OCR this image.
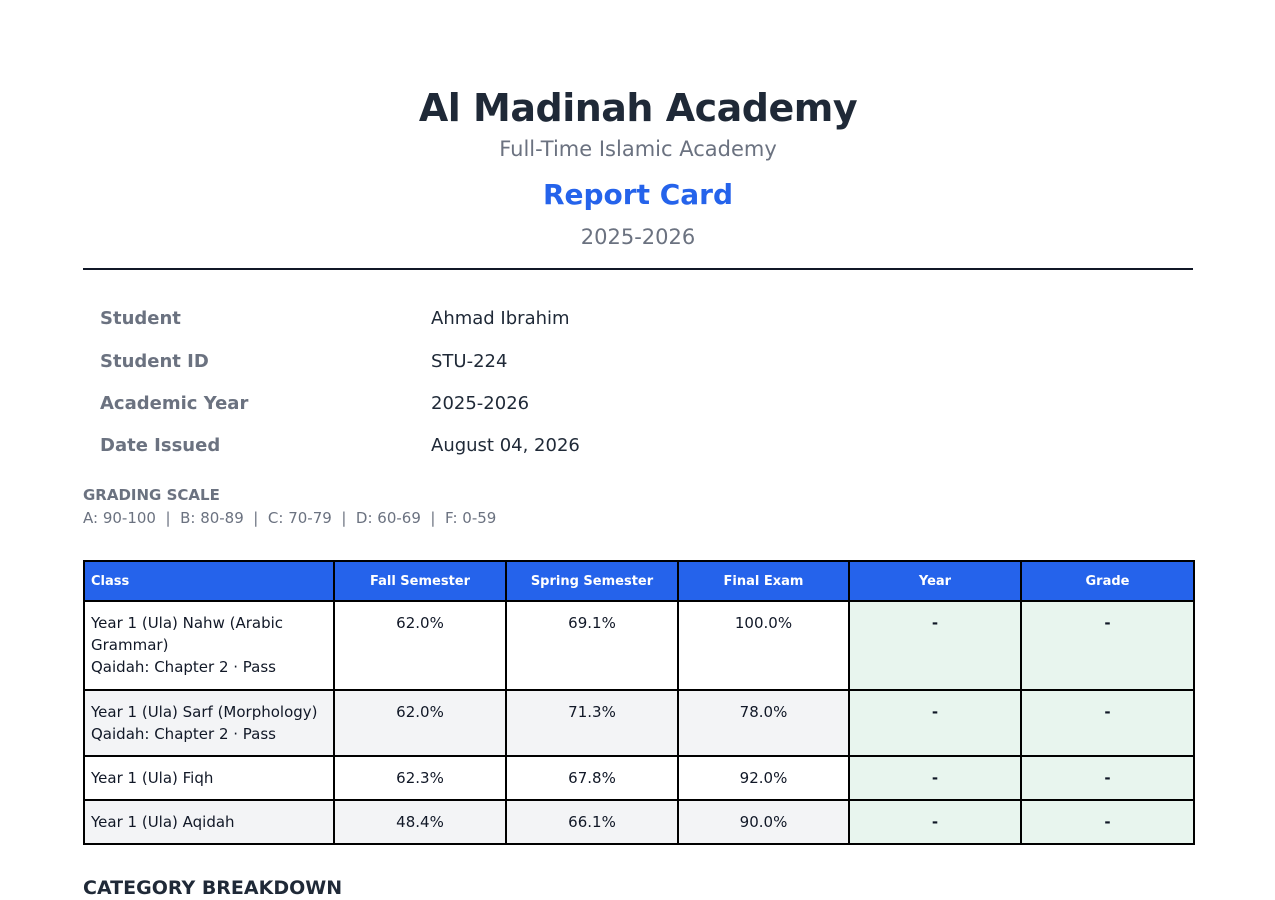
Al Madinah Academy
Full-Time Islamic Academy
Report Card
2025-2026
Student	Ahmad Ibrahim
Student ID	STU-224
Academic Year	2025-2026
Date Issued	August 04, 2026
GRADING SCALE
A: 90-100  |  B: 80-89  |  C: 70-79  |  D: 60-69  |  F: 0-59
Class	Fall Semester	Spring Semester	Final Exam	Year	Grade

Year 1 (Ula) Nahw (Arabic
Grammar)
Qaidah: Chapter 2 · Pass	62.0%	69.1%	100.0%	-	-

Year 1 (Ula) Sarf (Morphology)
Qaidah: Chapter 2 · Pass	62.0%	71.3%	78.0%	-	-

Year 1 (Ula) Fiqh	62.3%	67.8%	92.0%	-	-

Year 1 (Ula) Aqidah	48.4%	66.1%	90.0%	-	-
CATEGORY BREAKDOWN
